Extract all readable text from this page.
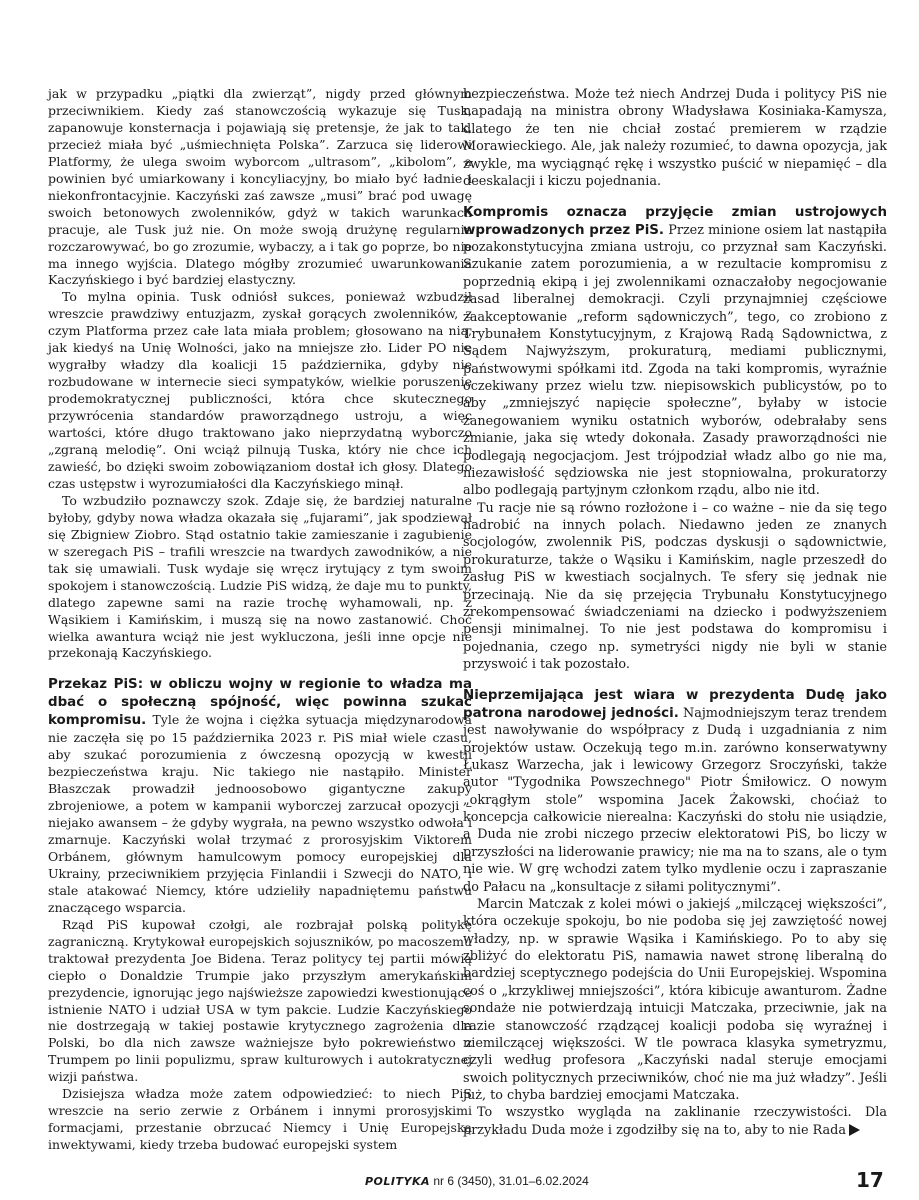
jak w przypadku „piątki dla zwierząt”, nigdy przed głównym przeciwnikiem. Kiedy zaś stanowczością wykazuje się Tusk, zapanowuje konsternacja i pojawiają się pretensje, że jak to tak, przecież miała być „uśmiechnięta Polska”. Zarzuca się liderowi Platformy, że ulega swoim wyborcom „ultrasom”, „kibolom”, a powinien być umiarkowany i koncyliacyjny, bo miało być ładnie i niekonfrontacyjnie. Kaczyński zaś zawsze „musi” brać pod uwagę swoich betonowych zwolenników, gdyż w takich warunkach pracuje, ale Tusk już nie. On może swoją drużynę regularnie rozczarowywać, bo go zrozumie, wybaczy, a i tak go poprze, bo nie ma innego wyjścia. Dlatego mógłby zrozumieć uwarunkowania Kaczyńskiego i być bardziej elastyczny.

To mylna opinia. Tusk odniósł sukces, ponieważ wzbudził wreszcie prawdziwy entuzjazm, zyskał gorących zwolenników, z czym Platforma przez całe lata miała problem; głosowano na nią, jak kiedyś na Unię Wolności, jako na mniejsze zło. Lider PO nie wygrałby władzy dla koalicji 15 października, gdyby nie rozbudowane w internecie sieci sympatyków, wielkie poruszenie prodemokratycznej publiczności, która chce skutecznego przywrócenia standardów praworządnego ustroju, a więc wartości, które długo traktowano jako nieprzydatną wyborczo „zgraną melodię”. Oni wciąż pilnują Tuska, który nie chce ich zawieść, bo dzięki swoim zobowiązaniom dostał ich głosy. Dlatego czas ustępstw i wyrozumiałości dla Kaczyńskiego minął.

To wzbudziło poznawczy szok. Zdaje się, że bardziej naturalne byłoby, gdyby nowa władza okazała się „fujarami”, jak spodziewał się Zbigniew Ziobro. Stąd ostatnio takie zamieszanie i zagubienie w szeregach PiS – trafili wreszcie na twardych zawodników, a nie tak się umawiali. Tusk wydaje się wręcz irytujący z tym swoim spokojem i stanowczością. Ludzie PiS widzą, że daje mu to punkty, dlatego zapewne sami na razie trochę wyhamowali, np. z Wąsikiem i Kamińskim, i muszą się na nowo zastanowić. Choć wielka awantura wciąż nie jest wykluczona, jeśli inne opcje nie przekonają Kaczyńskiego.

Przekaz PiS: w obliczu wojny w regionie to władza ma dbać o społeczną spójność, więc powinna szukać kompromisu. Tyle że wojna i ciężka sytuacja międzynarodowa nie zaczęła się po 15 października 2023 r. PiS miał wiele czasu, aby szukać porozumienia z ówczesną opozycją w kwestii bezpieczeństwa kraju. Nic takiego nie nastąpiło. Minister Błaszczak prowadził jednoosobowo gigantyczne zakupy zbrojeniowe, a potem w kampanii wyborczej zarzucał opozycji – niejako awansem – że gdyby wygrała, na pewno wszystko odwoła i zmarnuje. Kaczyński wolał trzymać z prorosyjskim Viktorem Orbánem, głównym hamulcowym pomocy europejskiej dla Ukrainy, przeciwnikiem przyjęcia Finlandii i Szwecji do NATO, i stale atakować Niemcy, które udzieliły napadniętemu państwu znaczącego wsparcia.

Rząd PiS kupował czołgi, ale rozbrajał polską politykę zagraniczną. Krytykował europejskich sojuszników, po macoszemu traktował prezydenta Joe Bidena. Teraz politycy tej partii mówią ciepło o Donaldzie Trumpie jako przyszłym amerykańskim prezydencie, ignorując jego najświeższe zapowiedzi kwestionujące istnienie NATO i udział USA w tym pakcie. Ludzie Kaczyńskiego nie dostrzegają w takiej postawie krytycznego zagrożenia dla Polski, bo dla nich zawsze ważniejsze było pokrewieństwo z Trumpem po linii populizmu, spraw kulturowych i autokratycznej wizji państwa.

Dzisiejsza władza może zatem odpowiedzieć: to niech PiS wreszcie na serio zerwie z Orbánem i innymi prorosyjskimi formacjami, przestanie obrzucać Niemcy i Unię Europejską inwektywami, kiedy trzeba budować europejski system

bezpieczeństwa. Może też niech Andrzej Duda i politycy PiS nie napadają na ministra obrony Władysława Kosiniaka-Kamysza, dlatego że ten nie chciał zostać premierem w rządzie Morawieckiego. Ale, jak należy rozumieć, to dawna opozycja, jak zwykle, ma wyciągnąć rękę i wszystko puścić w niepamięć – dla deeskalacji i kiczu pojednania.

Kompromis oznacza przyjęcie zmian ustrojowych wprowadzonych przez PiS. Przez minione osiem lat nastąpiła pozakonstytucyjna zmiana ustroju, co przyznał sam Kaczyński. Szukanie zatem porozumienia, a w rezultacie kompromisu z poprzednią ekipą i jej zwolennikami oznaczałoby negocjowanie zasad liberalnej demokracji. Czyli przynajmniej częściowe zaakceptowanie „reform sądowniczych”, tego, co zrobiono z Trybunałem Konstytucyjnym, z Krajową Radą Sądownictwa, z Sądem Najwyższym, prokuraturą, mediami publicznymi, państwowymi spółkami itd. Zgoda na taki kompromis, wyraźnie oczekiwany przez wielu tzw. niepisowskich publicystów, po to aby „zmniejszyć napięcie społeczne”, byłaby w istocie zanegowaniem wyniku ostatnich wyborów, odebrałaby sens zmianie, jaka się wtedy dokonała. Zasady praworządności nie podlegają negocjacjom. Jest trójpodział władz albo go nie ma, niezawisłość sędziowska nie jest stopniowalna, prokuratorzy albo podlegają partyjnym członkom rządu, albo nie itd.

Tu racje nie są równo rozłożone i – co ważne – nie da się tego nadrobić na innych polach. Niedawno jeden ze znanych socjologów, zwolennik PiS, podczas dyskusji o sądownictwie, prokuraturze, także o Wąsiku i Kamińskim, nagle przeszedł do zasług PiS w kwestiach socjalnych. Te sfery się jednak nie przecinają. Nie da się przejęcia Trybunału Konstytucyjnego zrekompensować świadczeniami na dziecko i podwyższeniem pensji minimalnej. To nie jest podstawa do kompromisu i pojednania, czego np. symetryści nigdy nie byli w stanie przyswoić i tak pozostało.

Nieprzemijająca jest wiara w prezydenta Dudę jako patrona narodowej jedności. Najmodniejszym teraz trendem jest nawoływanie do współpracy z Dudą i uzgadniania z nim projektów ustaw. Oczekują tego m.in. zarówno konserwatywny Łukasz Warzecha, jak i lewicowy Grzegorz Sroczyński, także autor "Tygodnika Powszechnego" Piotr Śmiłowicz. O nowym „okrągłym stole” wspomina Jacek Żakowski, choćiaż to koncepcja całkowicie nierealna: Kaczyński do stołu nie usiądzie, a Duda nie zrobi niczego przeciw elektoratowi PiS, bo liczy w przyszłości na liderowanie prawicy; nie ma na to szans, ale o tym nie wie. W grę wchodzi zatem tylko mydlenie oczu i zapraszanie do Pałacu na „konsultacje z siłami politycznymi”.

Marcin Matczak z kolei mówi o jakiejś „milczącej większości”, która oczekuje spokoju, bo nie podoba się jej zawziętość nowej władzy, np. w sprawie Wąsika i Kamińskiego. Po to aby się zbliżyć do elektoratu PiS, namawia nawet stronę liberalną do bardziej sceptycznego podejścia do Unii Europejskiej. Wspomina coś o „krzykliwej mniejszości”, która kibicuje awanturom. Żadne sondaże nie potwierdzają intuicji Matczaka, przeciwnie, jak na razie stanowczość rządzącej koalicji podoba się wyraźnej i niemilczącej większości. W tle powraca klasyka symetryzmu, czyli według profesora „Kaczyński nadal steruje emocjami swoich politycznych przeciwników, choć nie ma już władzy”. Jeśli już, to chyba bardziej emocjami Matczaka.

To wszystko wygląda na zaklinanie rzeczywistości. Dla przykładu Duda może i zgodziłby się na to, aby to nie Rada

POLITYKA nr 6 (3450), 31.01–6.02.2024	17
